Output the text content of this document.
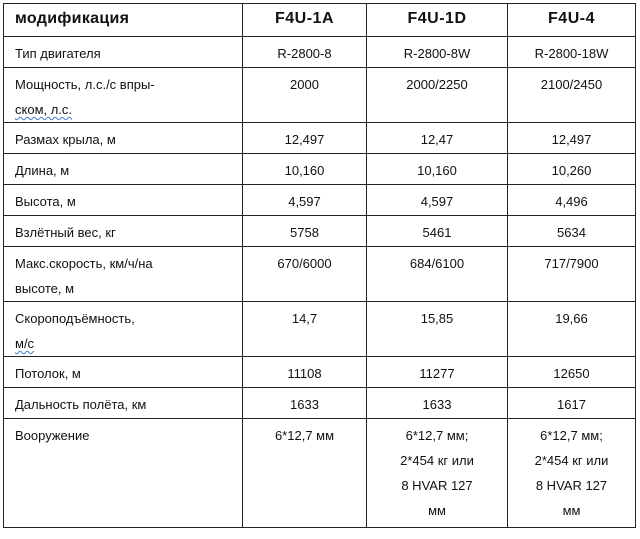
модификация	F4U-1A	F4U-1D	F4U-4

Тип двигателя	R-2800-8	R-2800-8W	R-2800-18W

Мощность, л.с./с впры-
ском, л.с.	2000	2000/2250	2100/2450

Размах крыла, м	12,497	12,47	12,497

Длина, м	10,160	10,160	10,260

Высота, м	4,597	4,597	4,496

Взлётный вес, кг	5758	5461	5634

Макс.скорость, км/ч/на
высоте, м	670/6000	684/6100	717/7900

Скороподъёмность,
м/с	14,7	15,85	19,66

Потолок, м	11108	11277	12650

Дальность полёта, км	1633	1633	1617

Вооружение	6*12,7 мм	6*12,7 мм;
2*454 кг или
8 HVAR 127
мм	6*12,7 мм;
2*454 кг или
8 HVAR 127
мм
